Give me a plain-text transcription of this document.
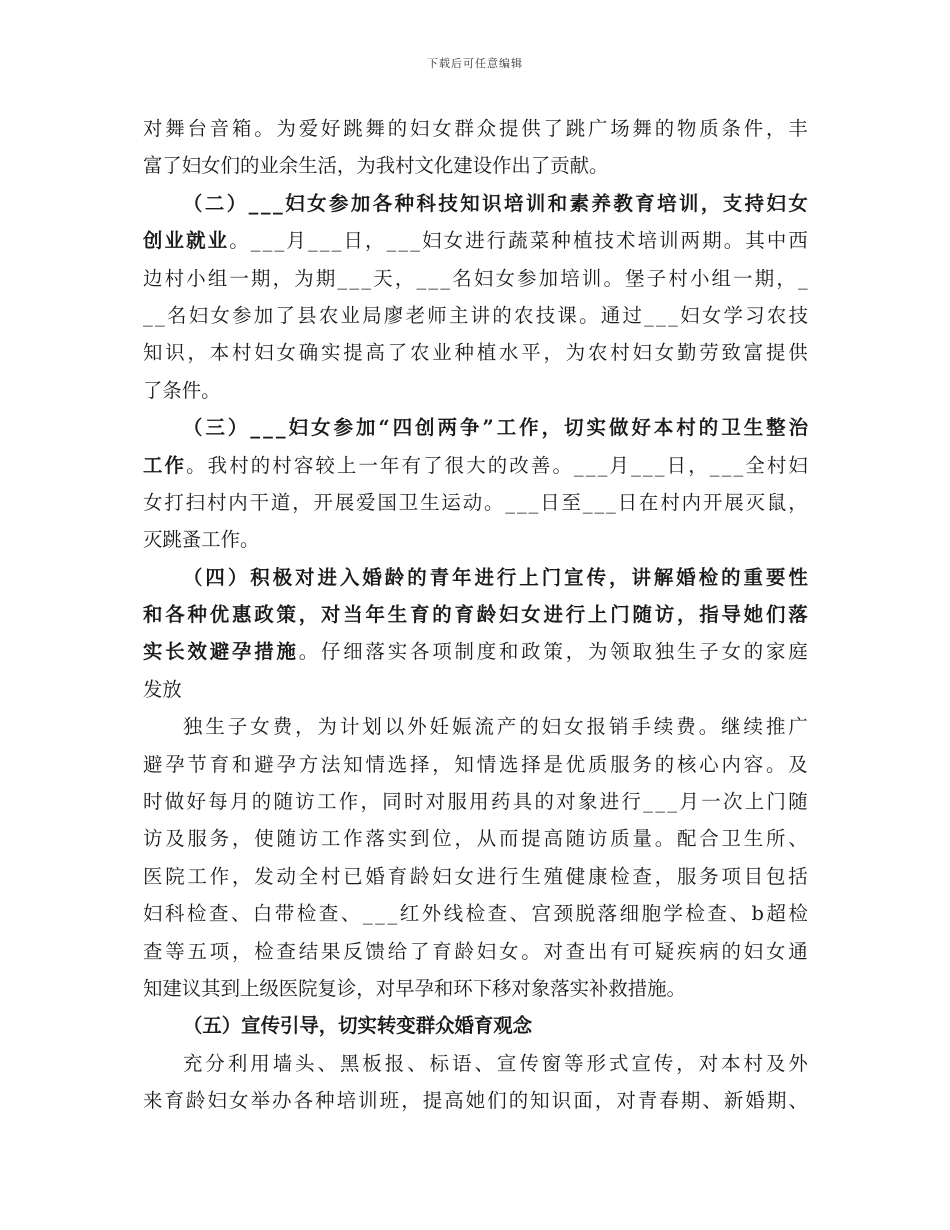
下载后可任意编辑
对 舞 台 音 箱 。 为 爱 好 跳 舞 的 妇 女 群 众 提 供 了 跳 广 场 舞 的 物 质 条 件 ， 丰
富 了 妇 女 们 的 业 余 生 活 ， 为 我 村 文 化 建 设 作 出 了 贡 献 。
（ 二 ） _ _ _ 妇 女 参 加 各 种 科 技 知 识 培 训 和 素 养 教 育 培 训 ， 支 持 妇 女
创 业 就 业 。 _ _ _ 月 _ _ _ 日 ， _ _ _ 妇 女 进 行 蔬 菜 种 植 技 术 培 训 两 期 。 其 中 西
边 村 小 组 一 期 ， 为 期 _ _ _ 天 ， _ _ _ 名 妇 女 参 加 培 训 。 堡 子 村 小 组 一 期 ， _
_ _ 名 妇 女 参 加 了 县 农 业 局 廖 老 师 主 讲 的 农 技 课 。 通 过 _ _ _ 妇 女 学 习 农 技
知 识 ， 本 村 妇 女 确 实 提 高 了 农 业 种 植 水 平 ， 为 农 村 妇 女 勤 劳 致 富 提 供
了 条 件 。
（ 三 ） _ _ _ 妇 女 参 加 “ 四 创 两 争 ” 工 作 ， 切 实 做 好 本 村 的 卫 生 整 治
工 作 。 我 村 的 村 容 较 上 一 年 有 了 很 大 的 改 善 。 _ _ _ 月 _ _ _ 日 ， _ _ _ 全 村 妇
女 打 扫 村 内 干 道 ， 开 展 爱 国 卫 生 运 动 。 _ _ _ 日 至 _ _ _ 日 在 村 内 开 展 灭 鼠 ，
灭 跳 蚤 工 作 。
（ 四 ） 积 极 对 进 入 婚 龄 的 青 年 进 行 上 门 宣 传 ， 讲 解 婚 检 的 重 要 性
和 各 种 优 惠 政 策 ， 对 当 年 生 育 的 育 龄 妇 女 进 行 上 门 随 访 ， 指 导 她 们 落
实 长 效 避 孕 措 施 。 仔 细 落 实 各 项 制 度 和 政 策 ， 为 领 取 独 生 子 女 的 家 庭
发 放
独 生 子 女 费 ， 为 计 划 以 外 妊 娠 流 产 的 妇 女 报 销 手 续 费 。 继 续 推 广
避 孕 节 育 和 避 孕 方 法 知 情 选 择 ， 知 情 选 择 是 优 质 服 务 的 核 心 内 容 。 及
时 做 好 每 月 的 随 访 工 作 ， 同 时 对 服 用 药 具 的 对 象 进 行 _ _ _ 月 一 次 上 门 随
访 及 服 务 ， 使 随 访 工 作 落 实 到 位 ， 从 而 提 高 随 访 质 量 。 配 合 卫 生 所 、
医 院 工 作 ， 发 动 全 村 已 婚 育 龄 妇 女 进 行 生 殖 健 康 检 查 ， 服 务 项 目 包 括
妇 科 检 查 、 白 带 检 查 、 _ _ _ 红 外 线 检 查 、 宫 颈 脱 落 细 胞 学 检 查 、 b 超 检
查 等 五 项 ， 检 查 结 果 反 馈 给 了 育 龄 妇 女 。 对 查 出 有 可 疑 疾 病 的 妇 女 通
知 建 议 其 到 上 级 医 院 复 诊 ， 对 早 孕 和 环 下 移 对 象 落 实 补 救 措 施 。
（ 五 ） 宣 传 引 导 ， 切 实 转 变 群 众 婚 育 观 念
充 分 利 用 墙 头 、 黑 板 报 、 标 语 、 宣 传 窗 等 形 式 宣 传 ， 对 本 村 及 外
来 育 龄 妇 女 举 办 各 种 培 训 班 ， 提 高 她 们 的 知 识 面 ， 对 青 春 期 、 新 婚 期 、
